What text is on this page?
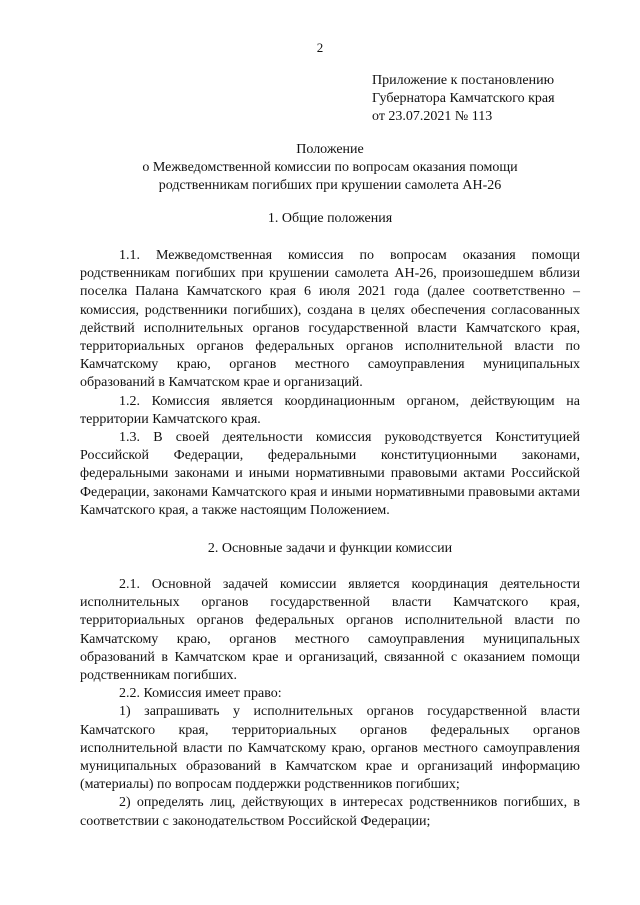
2
Приложение к постановлению
Губернатора Камчатского края
от 23.07.2021 № 113
Положение
о Межведомственной комиссии по вопросам оказания помощи
родственникам погибших при крушении самолета АН-26
1. Общие положения

1.1. Межведомственная комиссия по вопросам оказания помощи родственникам погибших при крушении самолета АН-26, произошедшем вблизи поселка Палана Камчатского края 6 июля 2021 года (далее соответственно – комиссия, родственники погибших), создана в целях обеспечения согласованных действий исполнительных органов государственной власти Камчатского края, территориальных органов федеральных органов исполнительной власти по Камчатскому краю, органов местного самоуправления муниципальных образований в Камчатском крае и организаций.

1.2. Комиссия является координационным органом, действующим на территории Камчатского края.

1.3. В своей деятельности комиссия руководствуется Конституцией Российской Федерации, федеральными конституционными законами, федеральными законами и иными нормативными правовыми актами Российской Федерации, законами Камчатского края и иными нормативными правовыми актами Камчатского края, а также настоящим Положением.

2. Основные задачи и функции комиссии

2.1. Основной задачей комиссии является координация деятельности исполнительных органов государственной власти Камчатского края, территориальных органов федеральных органов исполнительной власти по Камчатскому краю, органов местного самоуправления муниципальных образований в Камчатском крае и организаций, связанной с оказанием помощи родственникам погибших.

2.2. Комиссия имеет право:

1) запрашивать у исполнительных органов государственной власти Камчатского края, территориальных органов федеральных органов исполнительной власти по Камчатскому краю, органов местного самоуправления муниципальных образований в Камчатском крае и организаций информацию (материалы) по вопросам поддержки родственников погибших;

2) определять лиц, действующих в интересах родственников погибших, в соответствии с законодательством Российской Федерации;
